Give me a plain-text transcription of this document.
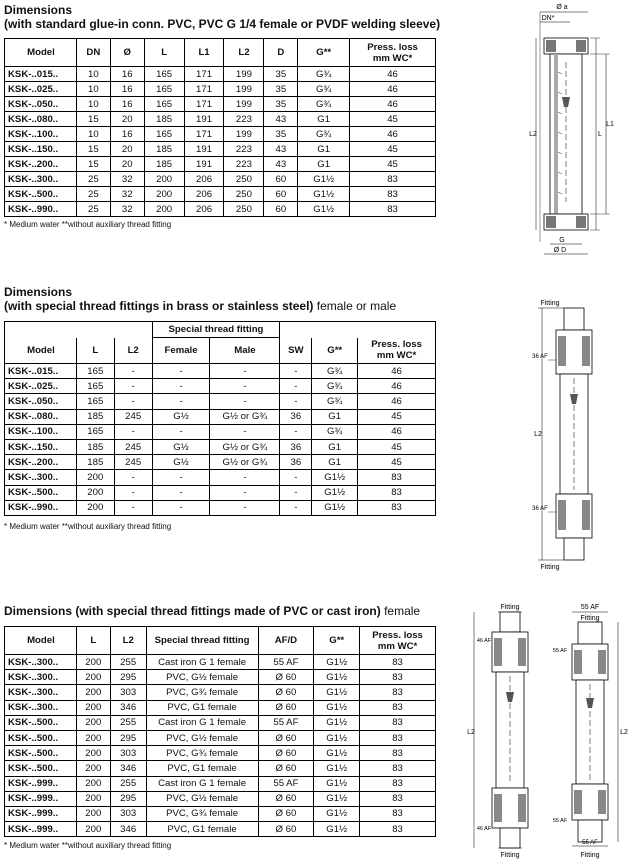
Dimensions
(with standard glue-in conn. PVC, PVC G 1/4 female or PVDF welding sleeve)
Model	DN	Ø	L	L1	L2	D	G**	Press. loss
mm WC*
KSK-..015..	10	16	165	171	199	35	G¾	46
KSK-..025..	10	16	165	171	199	35	G¾	46
KSK-..050..	10	16	165	171	199	35	G¾	46
KSK-..080..	15	20	185	191	223	43	G1	45
KSK-..100..	10	16	165	171	199	35	G¾	46
KSK-..150..	15	20	185	191	223	43	G1	45
KSK-..200..	15	20	185	191	223	43	G1	45
KSK-..300..	25	32	200	206	250	60	G1½	83
KSK-..500..	25	32	200	206	250	60	G1½	83
KSK-..990..	25	32	200	206	250	60	G1½	83
* Medium water **without auxiliary thread fitting
Ø a
DN*
L
L1
L2
G
Ø D
Dimensions
(with special thread fittings in brass or stainless steel) female or male
			Special thread fitting				
Model	L	L2	Female	Male	SW	G**	Press. loss
mm WC*
KSK-..015..	165	-	-	-	-	G¾	46
KSK-..025..	165	-	-	-	-	G¾	46
KSK-..050..	165	-	-	-	-	G¾	46
KSK-..080..	185	245	G½	G½ or G¾	36	G1	45
KSK-..100..	165	-	-	-	-	G¾	46
KSK-..150..	185	245	G½	G½ or G¾	36	G1	45
KSK-..200..	185	245	G½	G½ or G¾	36	G1	45
KSK-..300..	200	-	-	-	-	G1½	83
KSK-..500..	200	-	-	-	-	G1½	83
KSK-..990..	200	-	-	-	-	G1½	83
* Medium water **without auxiliary thread fitting
Fitting
36 AF
36 AF
Fitting
L2
Dimensions (with special thread fittings made of PVC or cast iron) female
Model	L	L2	Special thread fitting	AF/D	G**	Press. loss
mm WC*
KSK-..300..	200	255	Cast iron G 1 female	55 AF	G1½	83
KSK-..300..	200	295	PVC, G½ female	Ø 60	G1½	83
KSK-..300..	200	303	PVC, G¾ female	Ø 60	G1½	83
KSK-..300..	200	346	PVC, G1 female	Ø 60	G1½	83
KSK-..500..	200	255	Cast iron G 1 female	55 AF	G1½	83
KSK-..500..	200	295	PVC, G½ female	Ø 60	G1½	83
KSK-..500..	200	303	PVC, G¾ female	Ø 60	G1½	83
KSK-..500..	200	346	PVC, G1 female	Ø 60	G1½	83
KSK-..999..	200	255	Cast iron G 1 female	55 AF	G1½	83
KSK-..999..	200	295	PVC, G½ female	Ø 60	G1½	83
KSK-..999..	200	303	PVC, G¾ female	Ø 60	G1½	83
KSK-..999..	200	346	PVC, G1 female	Ø 60	G1½	83
* Medium water **without auxiliary thread fitting
Fitting
46 AF
46 AF
Fitting
L2
55 AF
Fitting
55 AF
55 AF
55 AF
Fitting
L2
